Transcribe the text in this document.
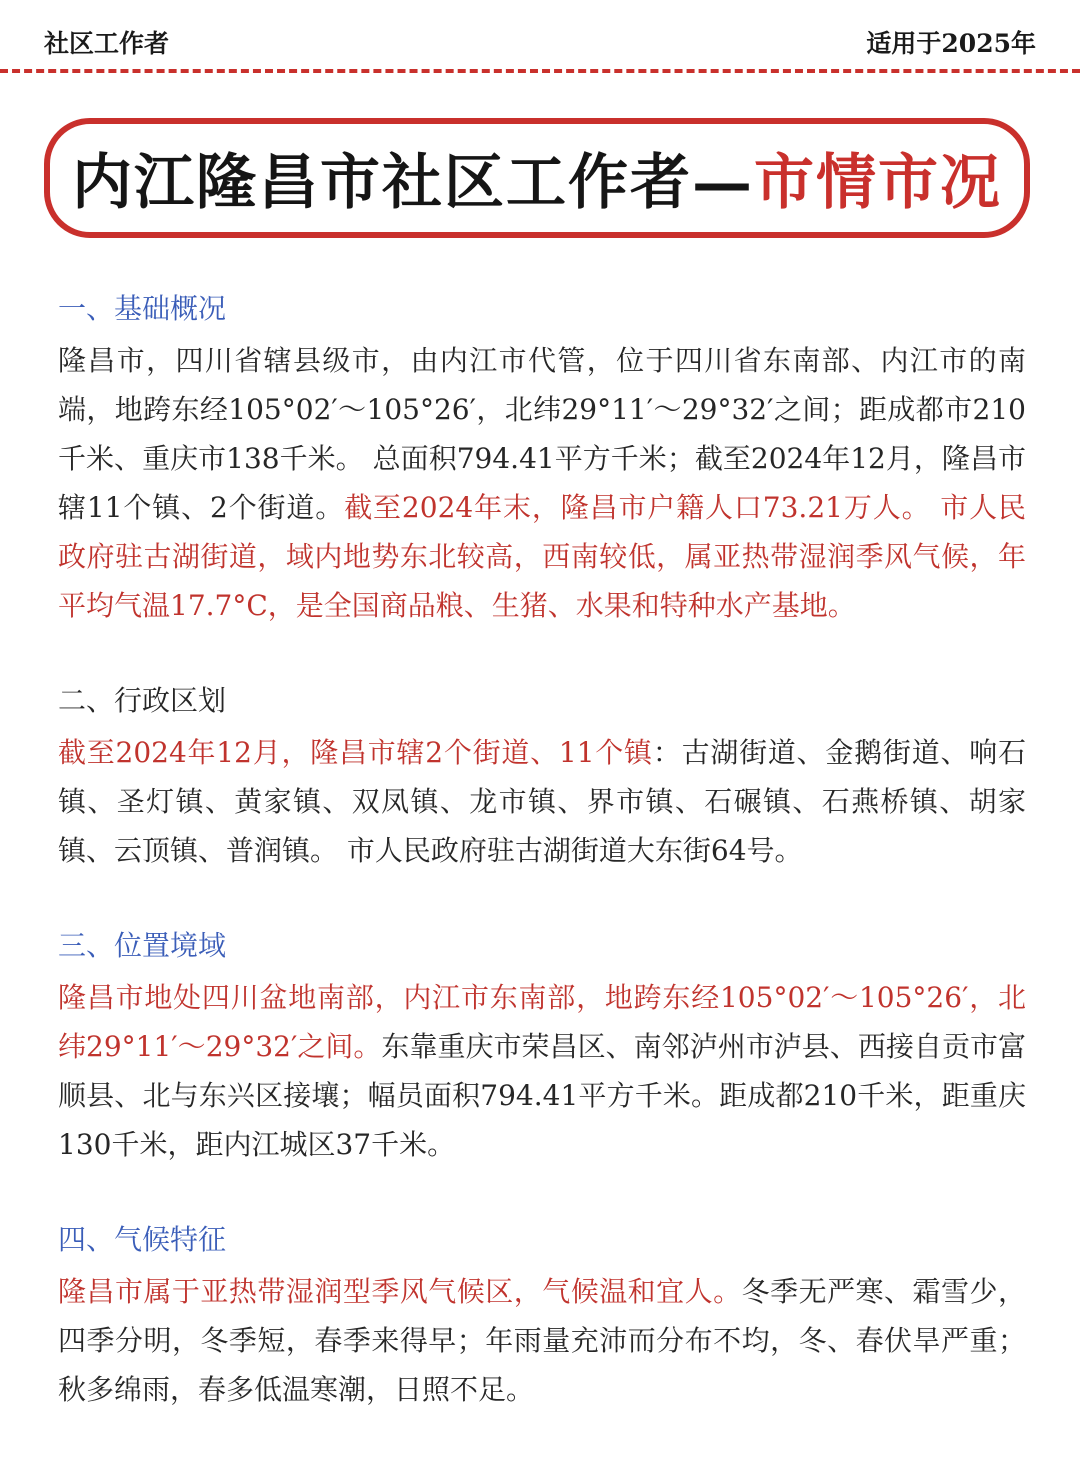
社区工作者	适用于2025年
内江隆昌市社区工作者—市情市况
一、基础概况

隆昌市，四川省辖县级市，由内江市代管，位于四川省东南部、内江市的南端，地跨东经105°02′～105°26′，北纬29°11′～29°32′之间；距成都市210千米、重庆市138千米。 总面积794.41平方千米；截至2024年12月，隆昌市辖11个镇、2个街道。截至2024年末，隆昌市户籍人口73.21万人。 市人民政府驻古湖街道，域内地势东北较高，西南较低，属亚热带湿润季风气候，年平均气温17.7°C，是全国商品粮、生猪、水果和特种水产基地。

二、行政区划

截至2024年12月，隆昌市辖2个街道、11个镇：古湖街道、金鹅街道、响石镇、圣灯镇、黄家镇、双凤镇、龙市镇、界市镇、石碾镇、石燕桥镇、胡家镇、云顶镇、普润镇。 市人民政府驻古湖街道大东街64号。

三、位置境域

隆昌市地处四川盆地南部，内江市东南部，地跨东经105°02′～105°26′，北纬29°11′～29°32′之间。东靠重庆市荣昌区、南邻泸州市泸县、西接自贡市富顺县、北与东兴区接壤；幅员面积794.41平方千米。距成都210千米，距重庆130千米，距内江城区37千米。

四、气候特征

隆昌市属于亚热带湿润型季风气候区，气候温和宜人。冬季无严寒、霜雪少，四季分明，冬季短，春季来得早；年雨量充沛而分布不均，冬、春伏旱严重；秋多绵雨，春多低温寒潮，日照不足。
